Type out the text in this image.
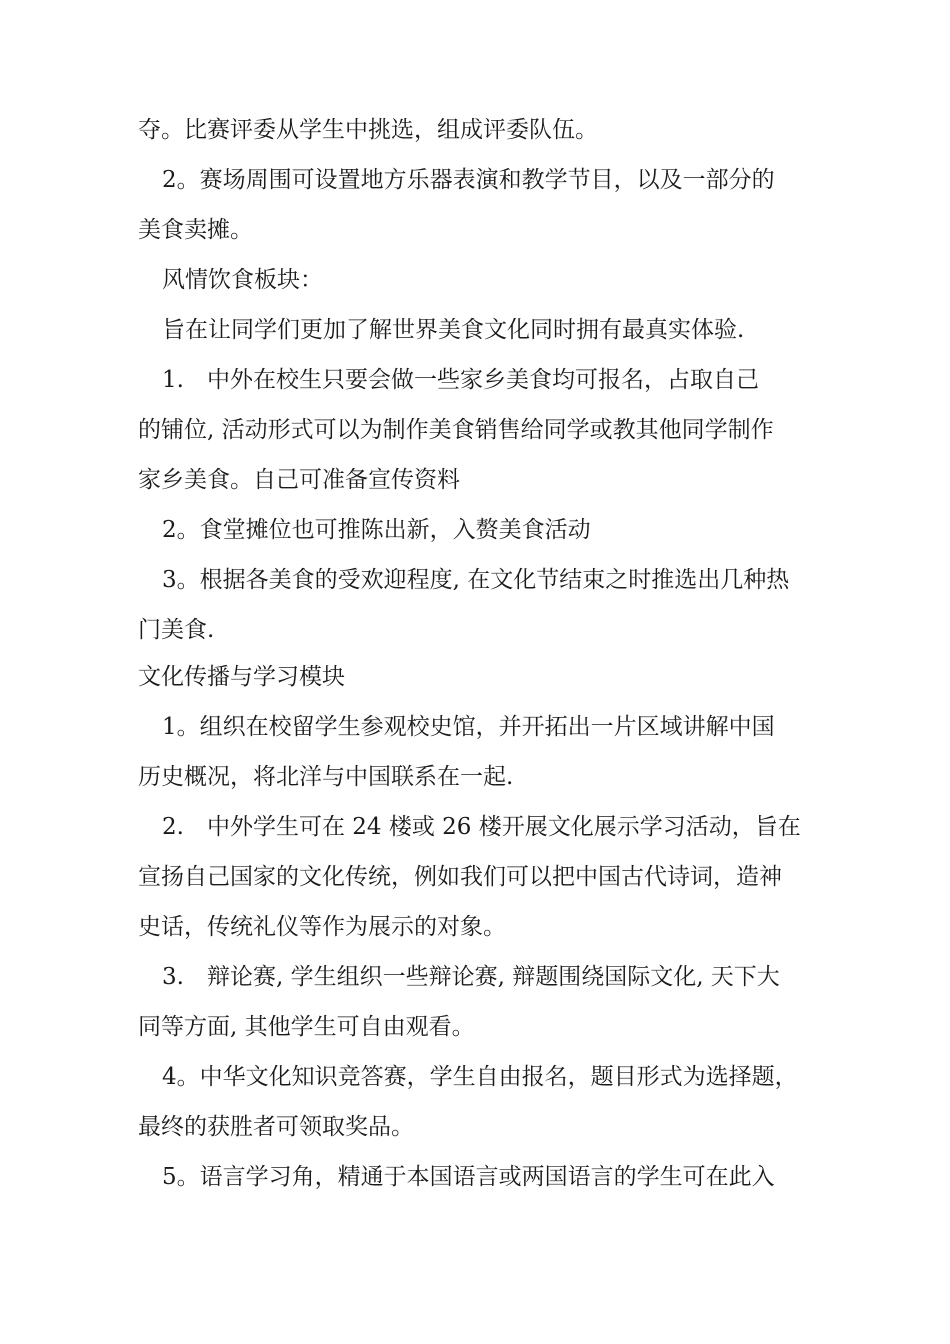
夺。比赛评委从学生中挑选，组成评委队伍。
2。赛场周围可设置地方乐器表演和教学节目，以及一部分的
美食卖摊。
风情饮食板块：
旨在让同学们更加了解世界美食文化同时拥有最真实体验.
1.　中外在校生只要会做一些家乡美食均可报名，占取自己
的铺位, 活动形式可以为制作美食销售给同学或教其他同学制作
家乡美食。自己可准备宣传资料
2。食堂摊位也可推陈出新，入赘美食活动
3。根据各美食的受欢迎程度, 在文化节结束之时推选出几种热
门美食.
文化传播与学习模块
1。组织在校留学生参观校史馆，并开拓出一片区域讲解中国
历史概况，将北洋与中国联系在一起.
2.　中外学生可在 24 楼或 26 楼开展文化展示学习活动，旨在
宣扬自己国家的文化传统，例如我们可以把中国古代诗词，造神
史话，传统礼仪等作为展示的对象。
3.　辩论赛, 学生组织一些辩论赛, 辩题围绕国际文化, 天下大
同等方面, 其他学生可自由观看。
4。中华文化知识竞答赛，学生自由报名，题目形式为选择题，
最终的获胜者可领取奖品。
5。语言学习角，精通于本国语言或两国语言的学生可在此入
